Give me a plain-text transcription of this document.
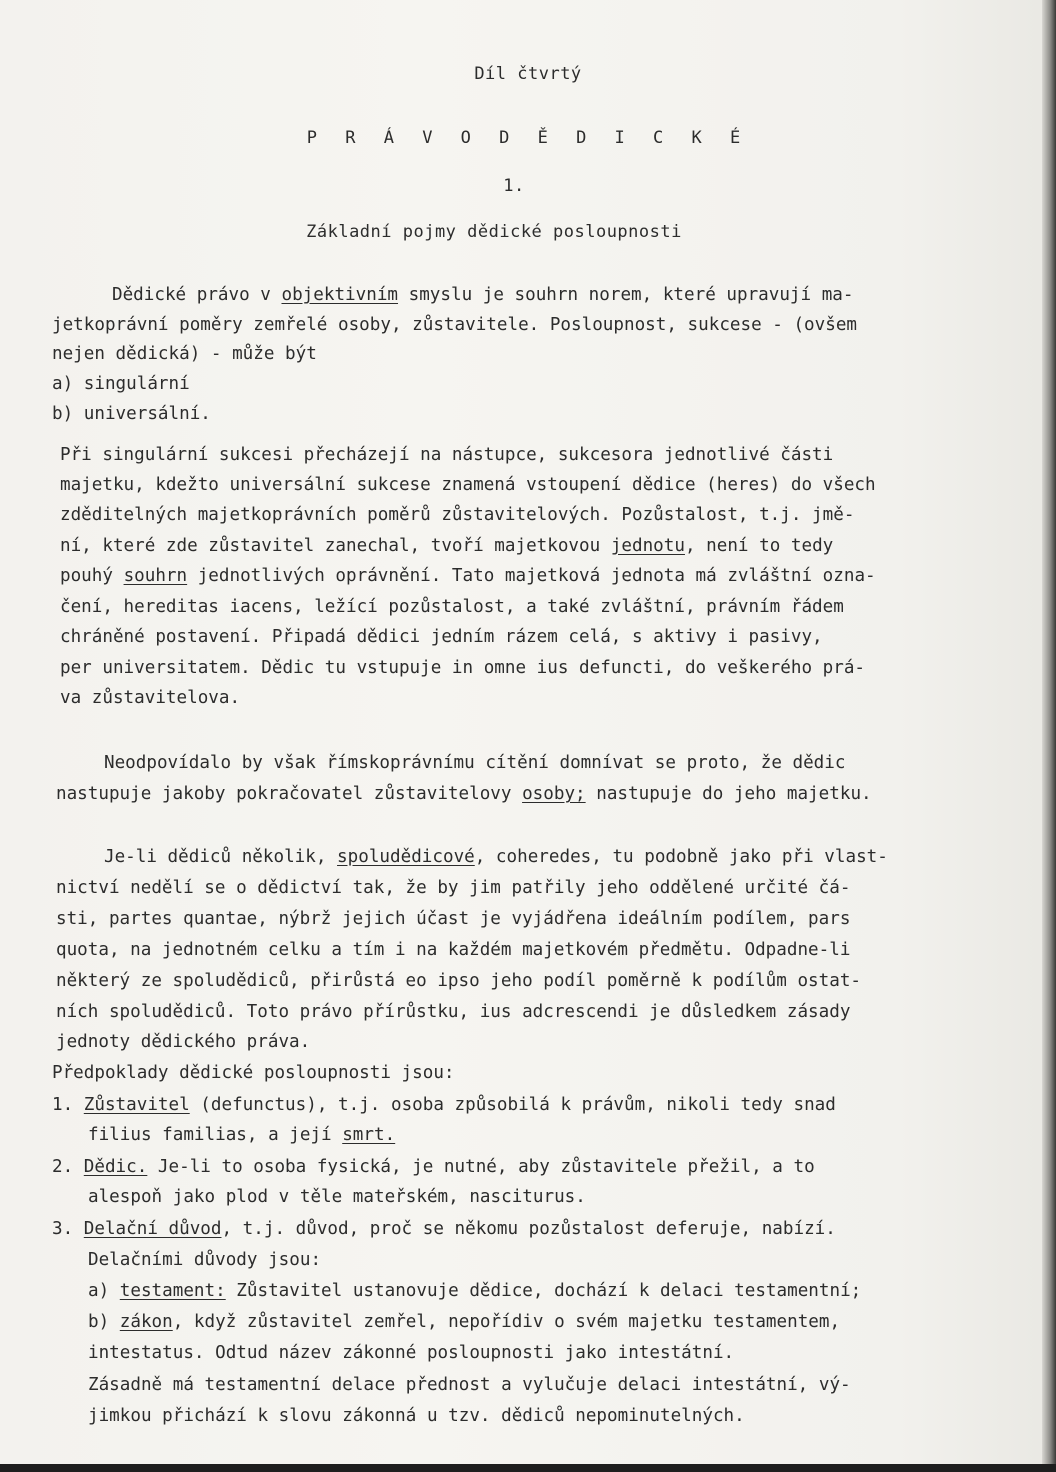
Díl čtvrtý
P R Á V O D Ě D I C K É
1.
Základní pojmy dědické posloupnosti
Dědické právo v objektivním smyslu je souhrn norem, které upravují ma-
jetkoprávní poměry zemřelé osoby, zůstavitele. Posloupnost, sukcese - (ovšem
nejen dědická) - může být
a) singulární
b) universální.
Při singulární sukcesi přecházejí na nástupce, sukcesora jednotlivé části
majetku, kdežto universální sukcese znamená vstoupení dědice (heres) do všech
zděditelných majetkoprávních poměrů zůstavitelových. Pozůstalost, t.j. jmě-
ní, které zde zůstavitel zanechal, tvoří majetkovou jednotu, není to tedy
pouhý souhrn jednotlivých oprávnění. Tato majetková jednota má zvláštní ozna-
čení, hereditas iacens, ležící pozůstalost, a také zvláštní, právním řádem
chráněné postavení. Připadá dědici jedním rázem celá, s aktivy i pasivy,
per universitatem. Dědic tu vstupuje in omne ius defuncti, do veškerého prá-
va zůstavitelova.
Neodpovídalo by však římskoprávnímu cítění domnívat se proto, že dědic
nastupuje jakoby pokračovatel zůstavitelovy osoby; nastupuje do jeho majetku.
Je-li dědiců několik, spoludědicové, coheredes, tu podobně jako při vlast-
nictví nedělí se o dědictví tak, že by jim patřily jeho oddělené určité čá-
sti, partes quantae, nýbrž jejich účast je vyjádřena ideálním podílem, pars
quota, na jednotném celku a tím i na každém majetkovém předmětu. Odpadne-li
některý ze spoludědiců, přirůstá eo ipso jeho podíl poměrně k podílům ostat-
ních spoludědiců. Toto právo přírůstku, ius adcrescendi je důsledkem zásady
jednoty dědického práva.
Předpoklady dědické posloupnosti jsou:
1. Zůstavitel (defunctus), t.j. osoba způsobilá k právům, nikoli tedy snad
filius familias, a její smrt.
2. Dědic. Je-li to osoba fysická, je nutné, aby zůstavitele přežil, a to
alespoň jako plod v těle mateřském, nasciturus.
3. Delační důvod, t.j. důvod, proč se někomu pozůstalost deferuje, nabízí.
Delačními důvody jsou:
a) testament: Zůstavitel ustanovuje dědice, dochází k delaci testamentní;
b) zákon, když zůstavitel zemřel, nepořídiv o svém majetku testamentem,
intestatus. Odtud název zákonné posloupnosti jako intestátní.
Zásadně má testamentní delace přednost a vylučuje delaci intestátní, vý-
jimkou přichází k slovu zákonná u tzv. dědiců nepominutelných.
